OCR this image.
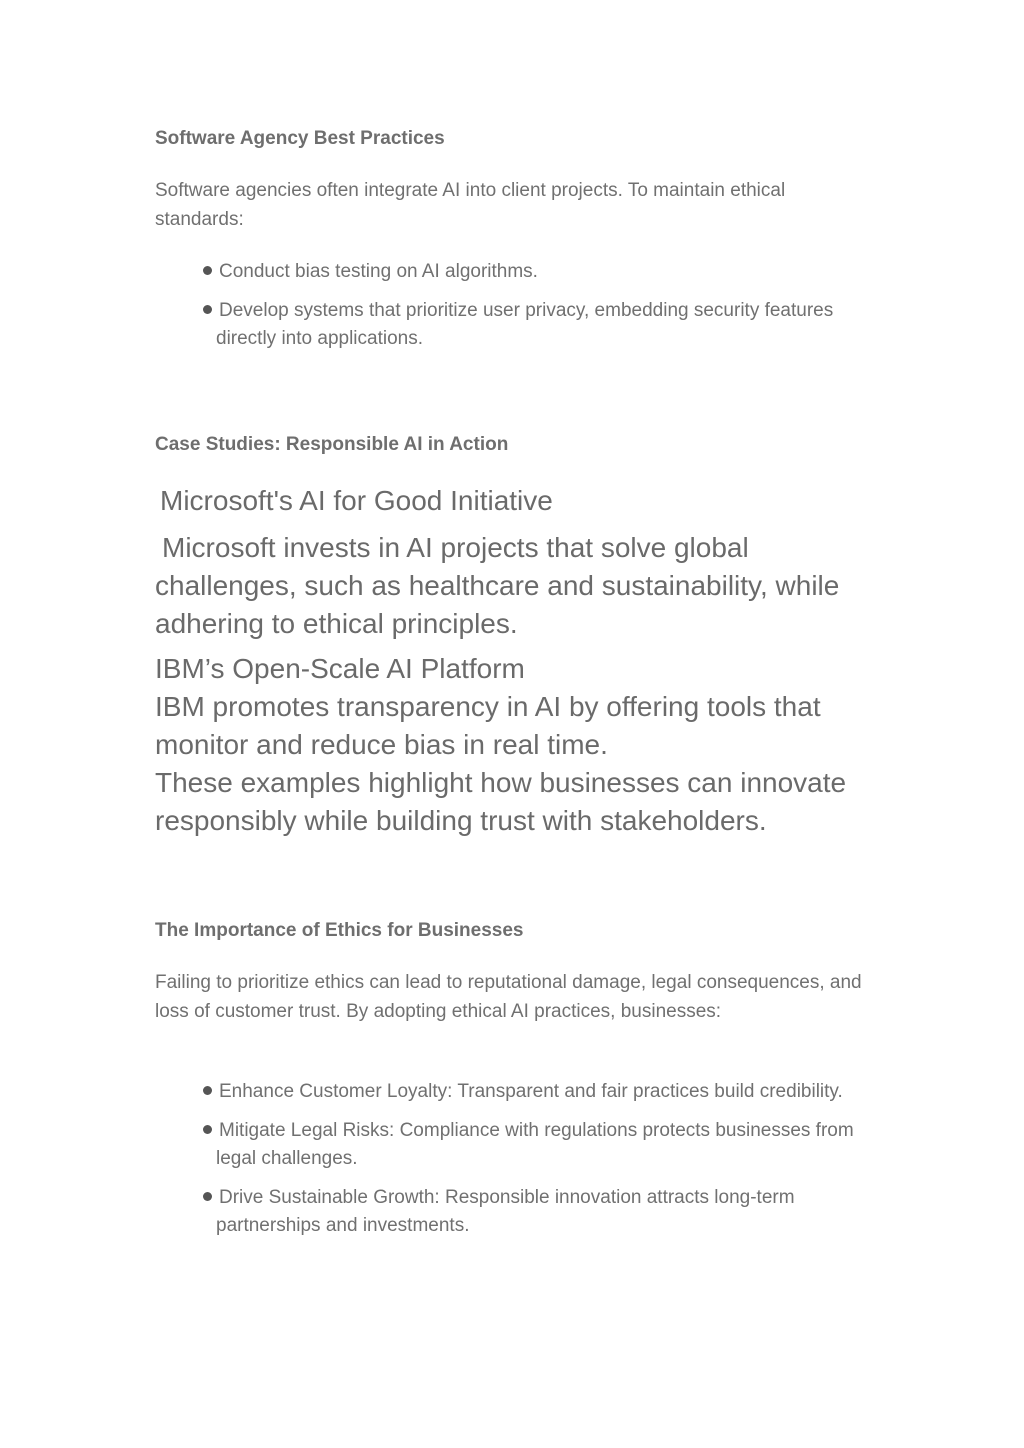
Software Agency Best Practices

Software agencies often integrate AI into client projects. To maintain ethical standards:

Conduct bias testing on AI algorithms.
Develop systems that prioritize user privacy, embedding security features directly into applications.
Case Studies: Responsible AI in Action

Microsoft's AI for Good Initiative

Microsoft invests in AI projects that solve global challenges, such as healthcare and sustainability, while adhering to ethical principles.

IBM’s Open-Scale AI Platform

IBM promotes transparency in AI by offering tools that monitor and reduce bias in real time.

These examples highlight how businesses can innovate responsibly while building trust with stakeholders.

The Importance of Ethics for Businesses

Failing to prioritize ethics can lead to reputational damage, legal consequences, and loss of customer trust. By adopting ethical AI practices, businesses:

Enhance Customer Loyalty: Transparent and fair practices build credibility.
Mitigate Legal Risks: Compliance with regulations protects businesses from legal challenges.
Drive Sustainable Growth: Responsible innovation attracts long-term partnerships and investments.
